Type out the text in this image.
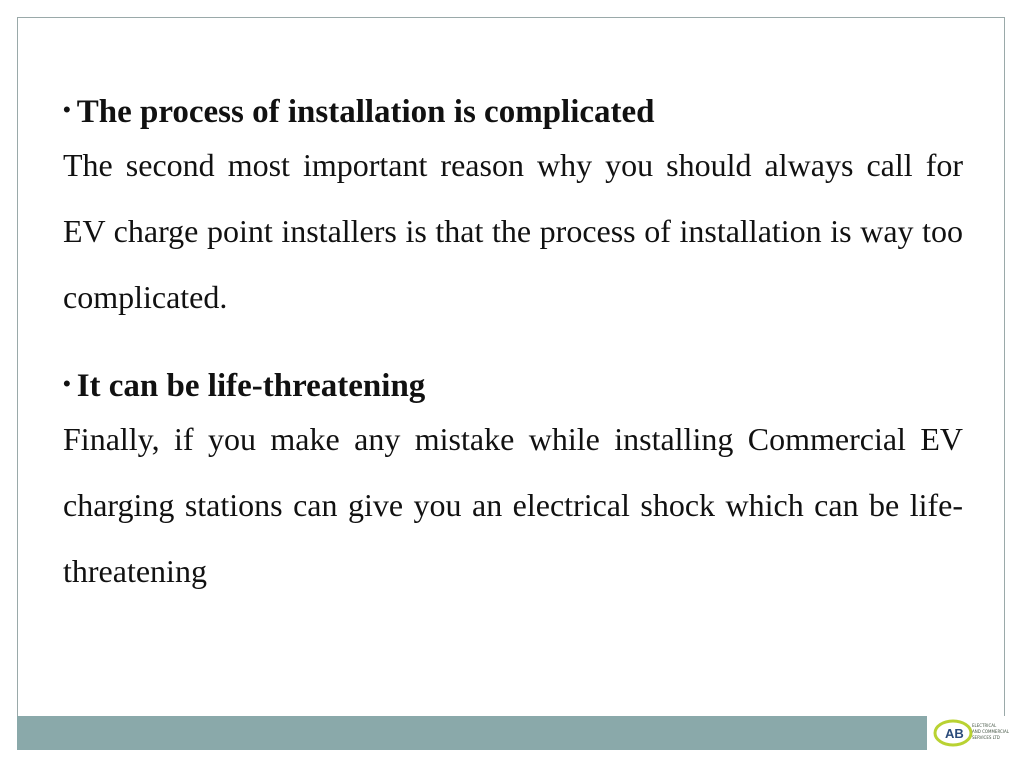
• The process of installation is complicated

The second most important reason why you should always call for EV charge point installers is that the process of installation is way too complicated.

• It can be life-threatening

Finally, if you make any mistake while installing Commercial EV charging stations can give you an electrical shock which can be life-threatening

AB
ELECTRICAL
AND COMMERCIAL
SERVICES LTD
